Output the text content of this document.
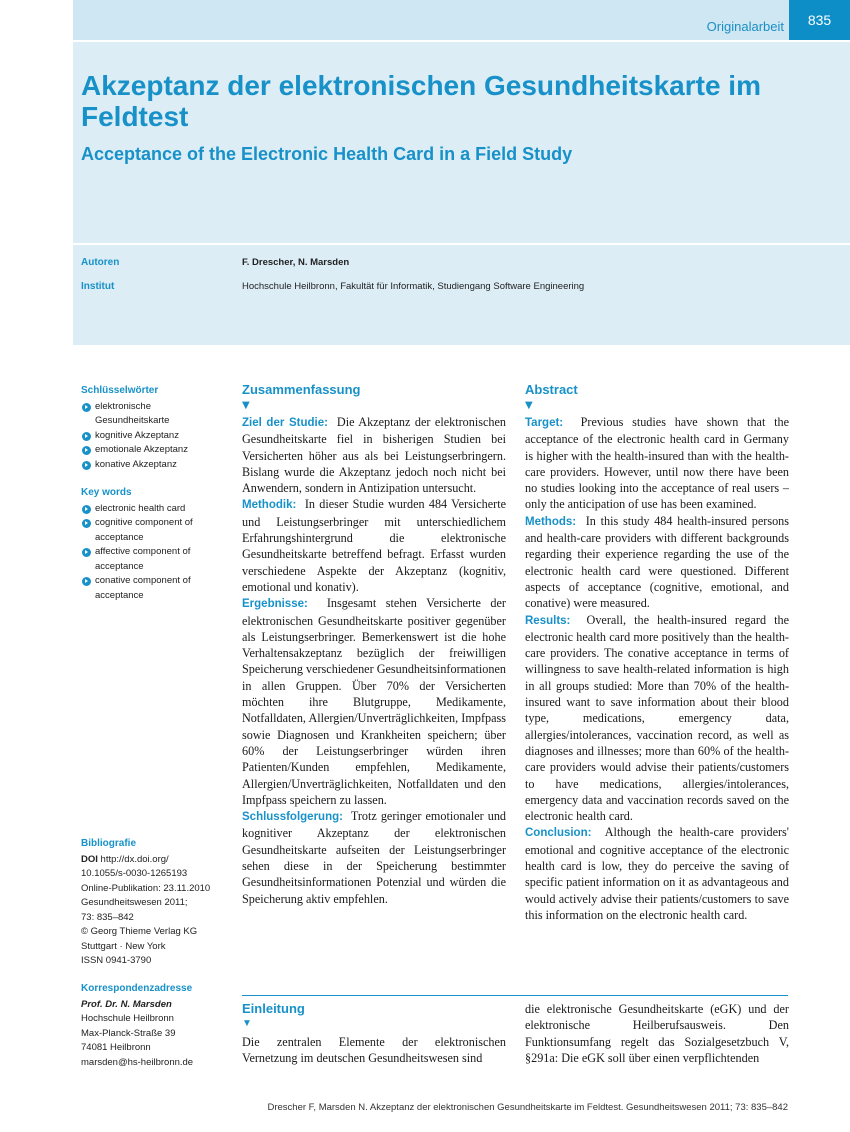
Originalarbeit	835
Akzeptanz der elektronischen Gesundheitskarte im Feldtest
Acceptance of the Electronic Health Card in a Field Study
Autoren	F. Drescher, N. Marsden
Institut	Hochschule Heilbronn, Fakultät für Informatik, Studiengang Software Engineering
Schlüsselwörter
elektronische Gesundheitskarte
kognitive Akzeptanz
emotionale Akzeptanz
konative Akzeptanz
Key words
electronic health card
cognitive component of acceptance
affective component of acceptance
conative component of acceptance
Bibliografie
DOI http://dx.doi.org/
10.1055/s-0030-1265193
Online-Publikation: 23.11.2010
Gesundheitswesen 2011;
73: 835–842
© Georg Thieme Verlag KG
Stuttgart · New York
ISSN 0941-3790
Korrespondenzadresse
Prof. Dr. N. Marsden
Hochschule Heilbronn
Max-Planck-Straße 39
74081 Heilbronn
marsden@hs-heilbronn.de
Zusammenfassung
▼

Ziel der Studie: Die Akzeptanz der elektronischen Gesundheitskarte fiel in bisherigen Studien bei Versicherten höher aus als bei Leistungserbringern. Bislang wurde die Akzeptanz jedoch noch nicht bei Anwendern, sondern in Antizipation untersucht.

Methodik: In dieser Studie wurden 484 Versicherte und Leistungserbringer mit unterschiedlichem Erfahrungshintergrund die elektronische Gesundheitskarte betreffend befragt. Erfasst wurden verschiedene Aspekte der Akzeptanz (kognitiv, emotional und konativ).

Ergebnisse: Insgesamt stehen Versicherte der elektronischen Gesundheitskarte positiver gegenüber als Leistungserbringer. Bemerkenswert ist die hohe Verhaltensakzeptanz bezüglich der freiwilligen Speicherung verschiedener Gesundheitsinformationen in allen Gruppen. Über 70% der Versicherten möchten ihre Blutgruppe, Medikamente, Notfalldaten, Allergien/Unverträglichkeiten, Impfpass sowie Diagnosen und Krankheiten speichern; über 60% der Leistungserbringer würden ihren Patienten/Kunden empfehlen, Medikamente, Allergien/Unverträglichkeiten, Notfalldaten und den Impfpass speichern zu lassen.

Schlussfolgerung: Trotz geringer emotionaler und kognitiver Akzeptanz der elektronischen Gesundheitskarte aufseiten der Leistungserbringer sehen diese in der Speicherung bestimmter Gesundheitsinformationen Potenzial und würden die Speicherung aktiv empfehlen.

Abstract
▼

Target: Previous studies have shown that the acceptance of the electronic health card in Germany is higher with the health-insured than with the health-care providers. However, until now there have been no studies looking into the acceptance of real users – only the anticipation of use has been examined.

Methods: In this study 484 health-insured persons and health-care providers with different backgrounds regarding their experience regarding the use of the electronic health card were questioned. Different aspects of acceptance (cognitive, emotional, and conative) were measured.

Results: Overall, the health-insured regard the electronic health card more positively than the health-care providers. The conative acceptance in terms of willingness to save health-related information is high in all groups studied: More than 70% of the health-insured want to save information about their blood type, medications, emergency data, allergies/intolerances, vaccination record, as well as diagnoses and illnesses; more than 60% of the health-care providers would advise their patients/customers to have medications, allergies/intolerances, emergency data and vaccination records saved on the electronic health card.

Conclusion: Although the health-care providers' emotional and cognitive acceptance of the electronic health card is low, they do perceive the saving of specific patient information on it as advantageous and would actively advise their patients/customers to save this information on the electronic health card.

Einleitung
▼

Die zentralen Elemente der elektronischen Vernetzung im deutschen Gesundheitswesen sind

die elektronische Gesundheitskarte (eGK) und der elektronische Heilberufsausweis. Den Funktionsumfang regelt das Sozialgesetzbuch V, §291a: Die eGK soll über einen verpflichtenden

Drescher F, Marsden N. Akzeptanz der elektronischen Gesundheitskarte im Feldtest. Gesundheitswesen 2011; 73: 835–842
